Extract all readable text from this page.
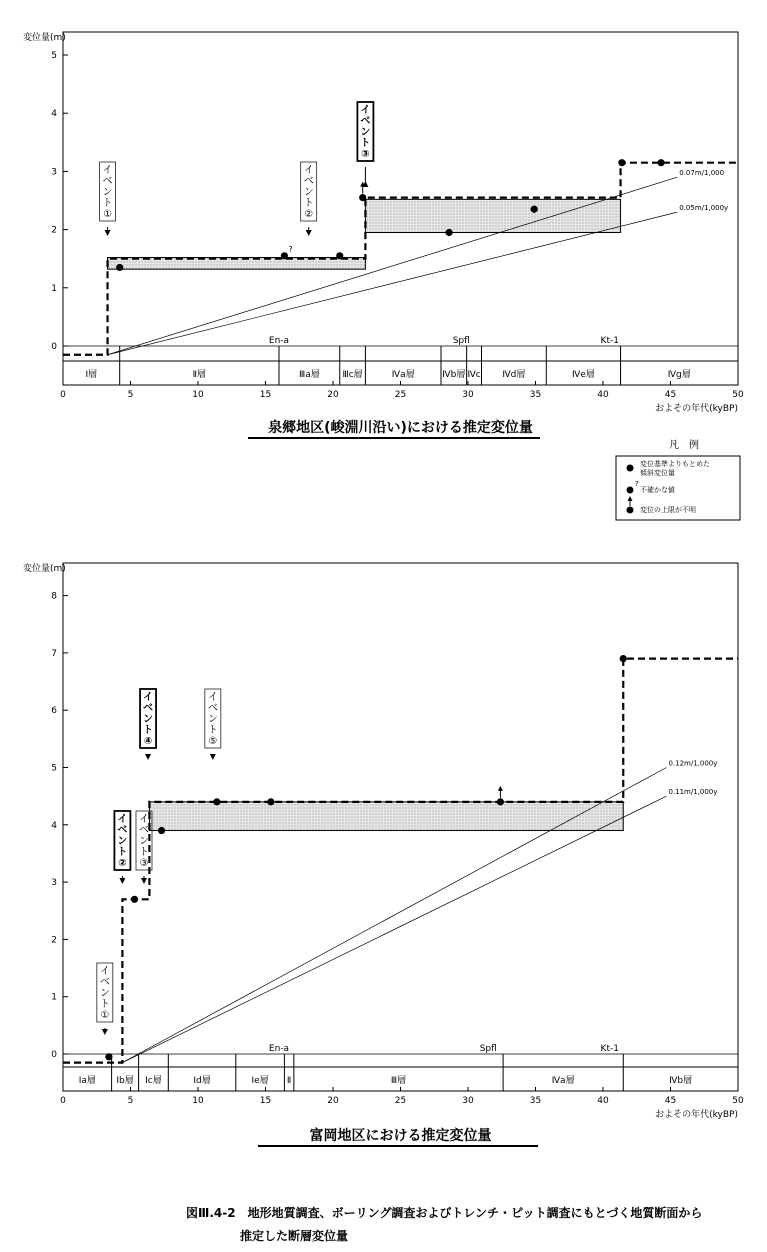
変位量(m)
0
1
2
3
4
5
0	5	10	15	20	25	30	35	40	45	50
およその年代(kyBP)
Ⅰ層	Ⅱ層	Ⅲa層	Ⅲc層	Ⅳa層	Ⅳb層 Ⅳc Ⅳd層	Ⅳe層	Ⅳg層
En-a	Spfl	Kt-1
0.07m/1,000
0.05m/1,000y
?
イ
ベ
ン
ト
①
イ
ベ
ン
ト
②
イ
ベ
ン
ト
③
泉郷地区(峻淵川沿い)における推定変位量
変位量(m)
0
1
2
3
4
5
6
7
8
0	5	10	15	20	25	30	35	40	45	50
およその年代(kyBP)
Ⅰa層 Ⅰb層 Ⅰc層	Ⅰd層	Ⅰe層 Ⅱ	Ⅲ層	Ⅳa層	Ⅳb層
En-a	Spfl	Kt-1
0.12m/1,000y
0.11m/1,000y
イ
ベ
ン
ト
①
イ
ベ
ン
ト
②
イ
ベ
ン
ト
③
イ
ベ
ン
ト
④
イ
ベ
ン
ト
⑤
富岡地区における推定変位量
凡　例
変位基準よりもとめた
傾斜変位量
?
不確かな値
変位の上限が不明
図Ⅲ.4-2　地形地質調査、ボーリング調査およびトレンチ・ピット調査にもとづく地質断面から
推定した断層変位量
